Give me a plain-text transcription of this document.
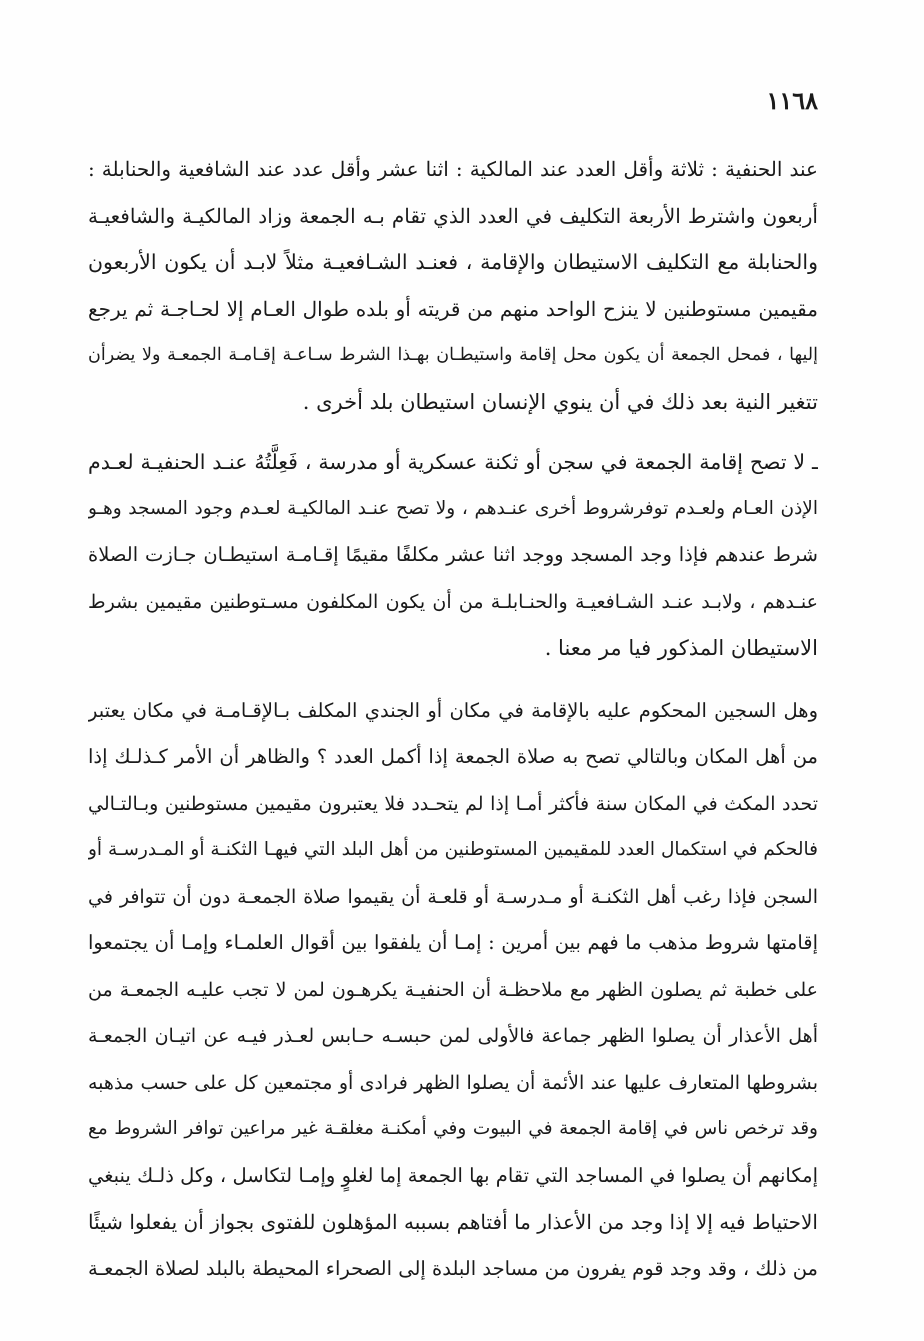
١١٦٨
عند الحنفية : ثلاثة وأقل العدد عند المالكية : اثنا عشر وأقل عدد عند الشافعية والحنابلة :
أربعون واشترط الأربعة التكليف في العدد الذي تقام بـه الجمعة وزاد المالكيـة والشافعيـة
والحنابلة مع التكليف الاستيطان والإقامة ، فعنـد الشـافعيـة مثلاً لابـد أن يكون الأربعون
مقيمين مستوطنين لا ينزح الواحد منهم من قريته أو بلده طوال العـام إلا لحـاجـة ثم يرجع
إليها ، فمحل الجمعة أن يكون محل إقامة واستيطـان بهـذا الشرط سـاعـة إقـامـة الجمعـة ولا يضرأن
تتغير النية بعد ذلك في أن ينوي الإنسان استيطان بلد أخرى .
ـ لا تصح إقامة الجمعة في سجن أو ثكنة عسكرية أو مدرسة ، فَعِلَّتُهُ عنـد الحنفيـة لعـدم
الإذن العـام ولعـدم توفرشروط أخرى عنـدهم ، ولا تصح عنـد المالكيـة لعـدم وجود المسجد وهـو
شرط عندهم فإذا وجد المسجد ووجد اثنا عشر مكلفًا مقيمًا إقـامـة استيطـان جـازت الصلاة
عنـدهم ، ولابـد عنـد الشـافعيـة والحنـابلـة من أن يكون المكلفون مسـتوطنين مقيمين بشرط
الاستيطان المذكور فيا مر معنا .
وهل السجين المحكوم عليه بالإقامة في مكان أو الجندي المكلف بـالإقـامـة في مكان يعتبر
من أهل المكان وبالتالي تصح به صلاة الجمعة إذا أكمل العدد ؟ والظاهر أن الأمر كـذلـك إذا
تحدد المكث في المكان سنة فأكثر أمـا إذا لم يتحـدد فلا يعتبرون مقيمين مستوطنين وبـالتـالي
فالحكم في استكمال العدد للمقيمين المستوطنين من أهل البلد التي فيهـا الثكنـة أو المـدرسـة أو
السجن فإذا رغب أهل الثكنـة أو مـدرسـة أو قلعـة أن يقيموا صلاة الجمعـة دون أن تتوافر في
إقامتها شروط مذهب ما فهم بين أمرين : إمـا أن يلفقوا بين أقوال العلمـاء وإمـا أن يجتمعوا
على خطبة ثم يصلون الظهر مع ملاحظـة أن الحنفيـة يكرهـون لمن لا تجب عليـه الجمعـة من
أهل الأعذار أن يصلوا الظهر جماعة فالأولى لمن حبسـه حـابس لعـذر فيـه عن اتيـان الجمعـة
بشروطها المتعارف عليها عند الأئمة أن يصلوا الظهر فرادى أو مجتمعين كل على حسب مذهبه
وقد ترخص ناس في إقامة الجمعة في البيوت وفي أمكنـة مغلقـة غير مراعين توافر الشروط مع
إمكانهم أن يصلوا في المساجد التي تقام بها الجمعة إما لغلوٍ وإمـا لتكاسل ، وكل ذلـك ينبغي
الاحتياط فيه إلا إذا وجد من الأعذار ما أفتاهم بسببه المؤهلون للفتوى بجواز أن يفعلوا شيئًا
من ذلك ، وقد وجد قوم يفرون من مساجد البلدة إلى الصحراء المحيطة بالبلد لصلاة الجمعـة
